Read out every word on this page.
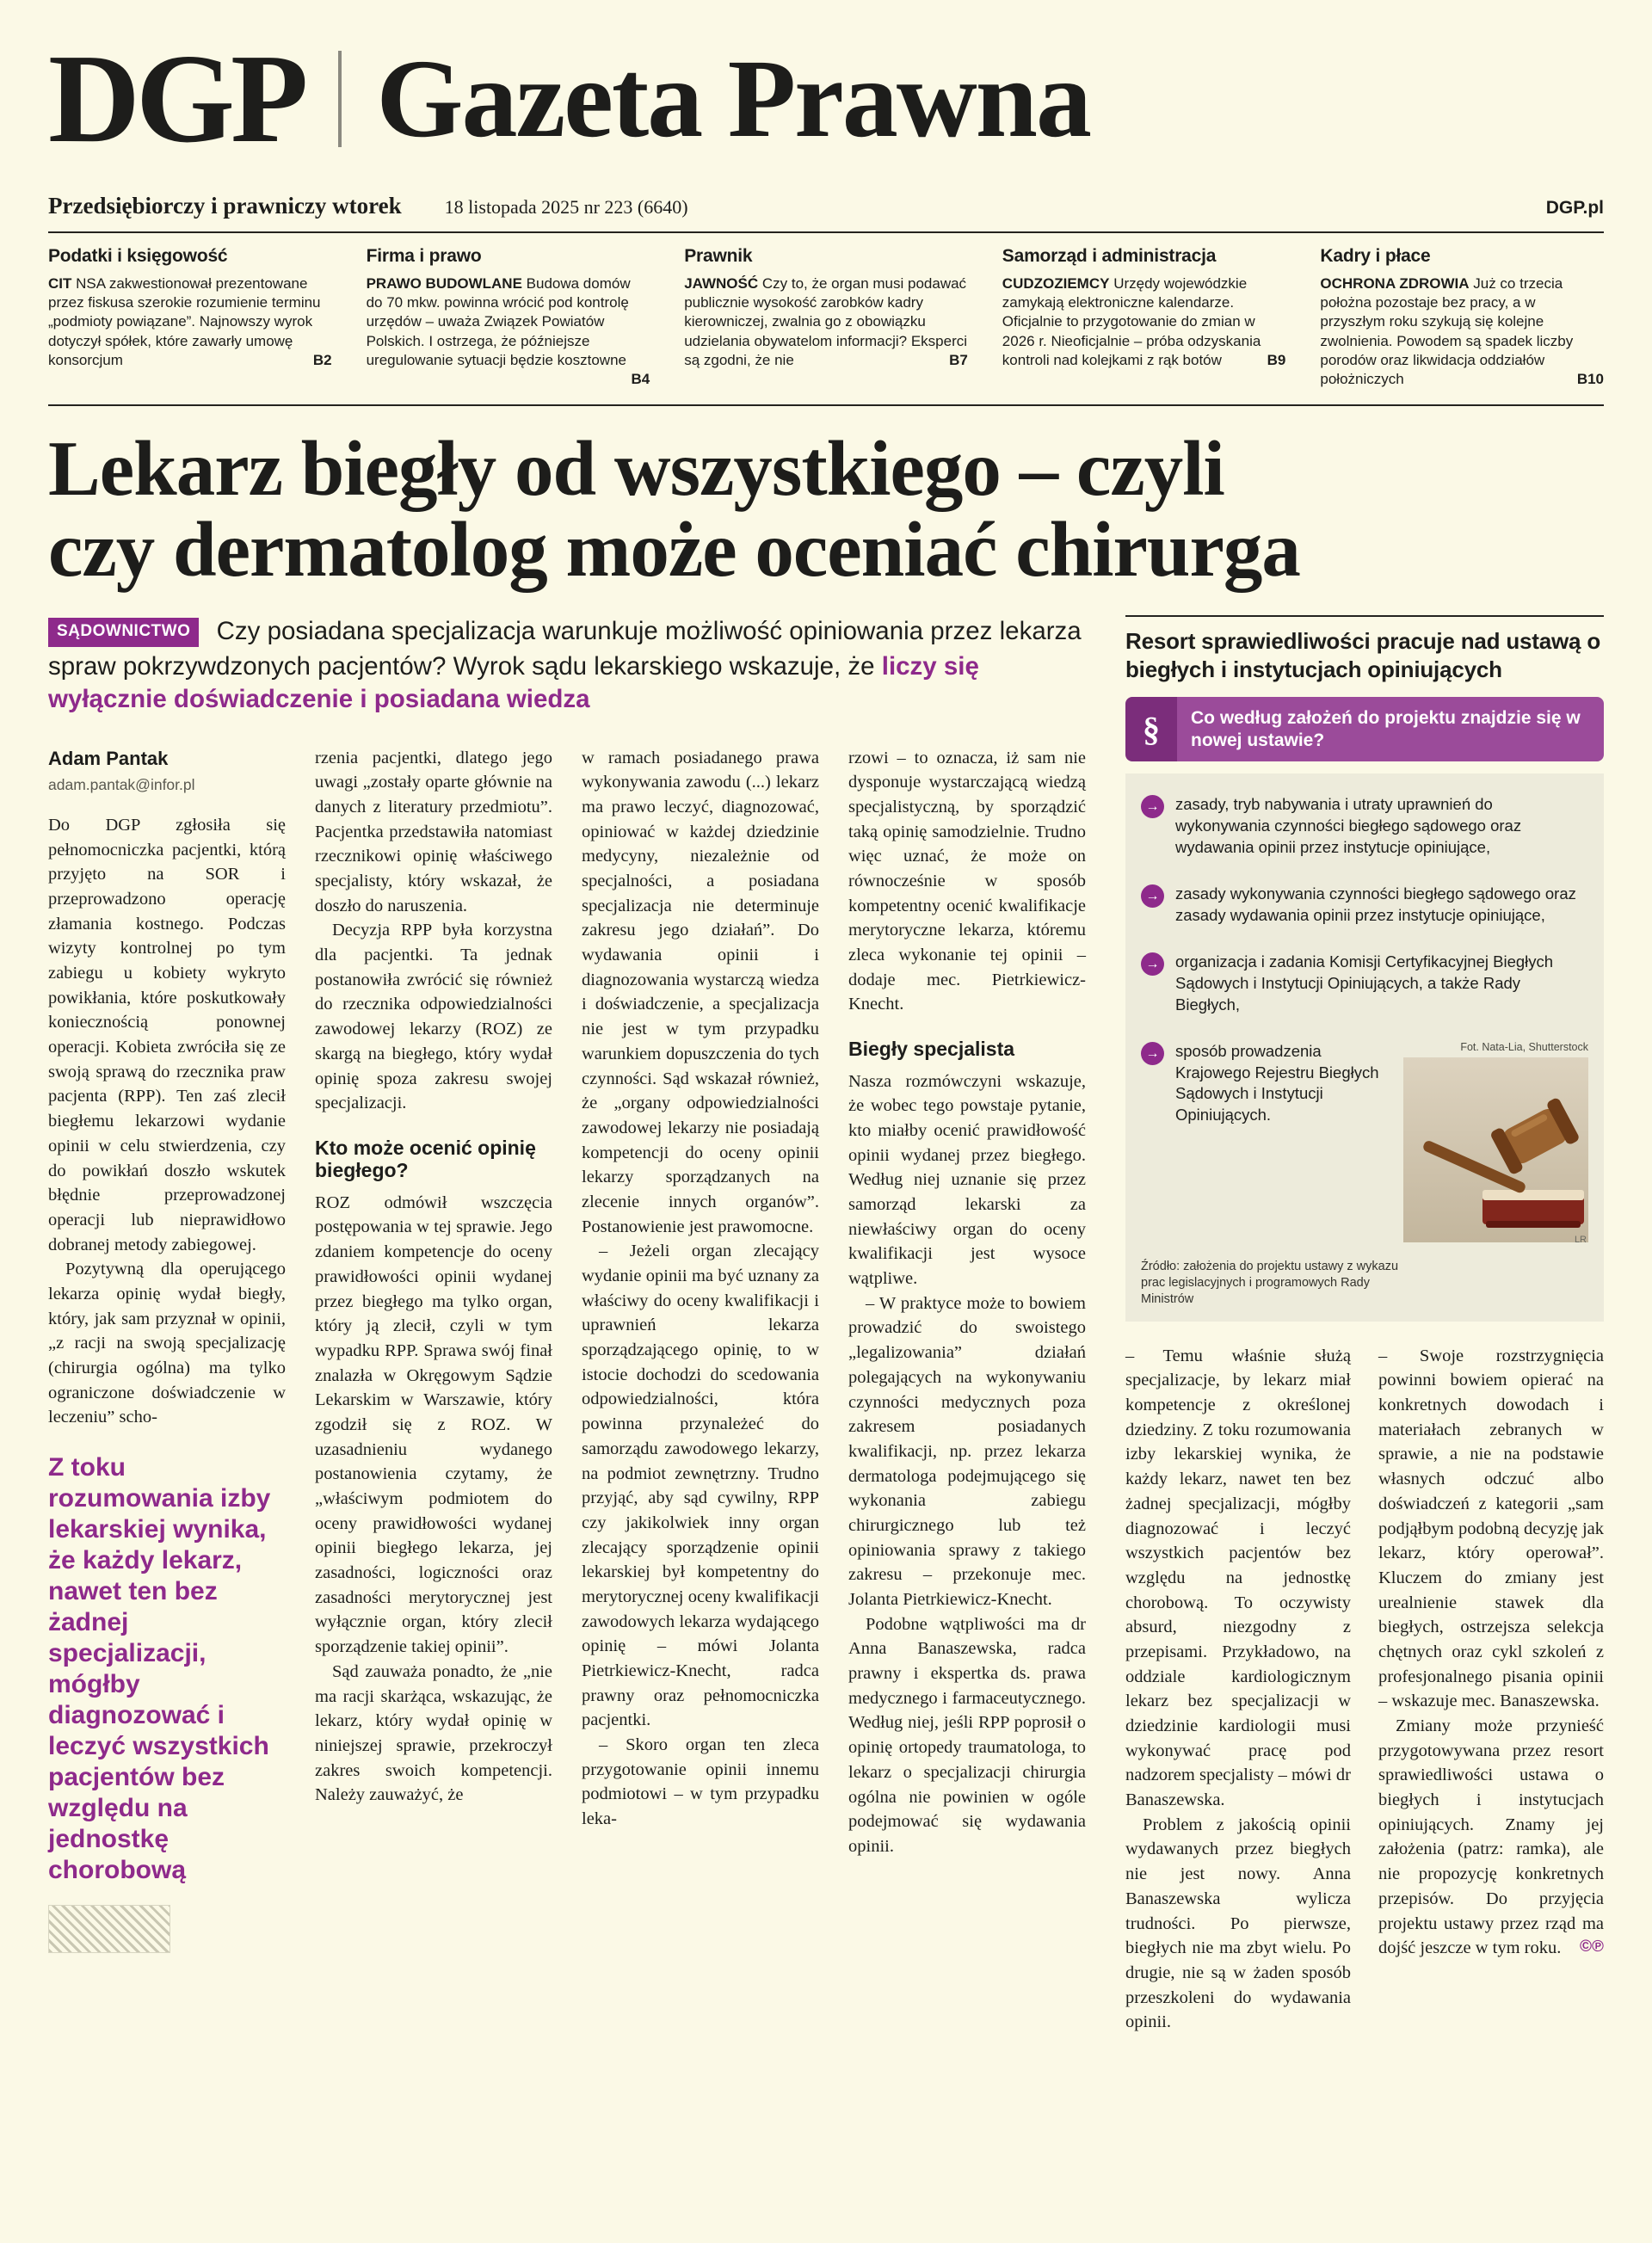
DGP Gazeta Prawna
Przedsiębiorczy i prawniczy wtorek 18 listopada 2025 nr 223 (6640)	DGP.pl
Podatki i księgowość

CIT NSA zakwestionował prezentowane przez fiskusa szerokie rozumienie terminu „podmioty powiązane”. Najnowszy wyrok dotyczył spółek, które zawarły umowę konsorcjum	B2

Firma i prawo

PRAWO BUDOWLANE Budowa domów do 70 mkw. powinna wrócić pod kontrolę urzędów – uważa Związek Powiatów Polskich. I ostrzega, że późniejsze uregulowanie sytuacji będzie kosztowne
B4

Prawnik

JAWNOŚĆ Czy to, że organ musi podawać publicznie wysokość zarobków kadry kierowniczej, zwalnia go z obowiązku udzielania obywatelom informacji? Eksperci są zgodni, że nie	B7

Samorząd i administracja

CUDZOZIEMCY Urzędy wojewódzkie zamykają elektroniczne kalendarze. Oficjalnie to przygotowanie do zmian w 2026 r. Nieoficjalnie – próba odzyskania kontroli nad kolejkami z rąk botów	B9

Kadry i płace

OCHRONA ZDROWIA Już co trzecia położna pozostaje bez pracy, a w przyszłym roku szykują się kolejne zwolnienia. Powodem są spadek liczby porodów oraz likwidacja oddziałów położniczych	B10

Lekarz biegły od wszystkiego – czyli
czy dermatolog może oceniać chirurga

SĄDOWNICTWO Czy posiadana specjalizacja warunkuje możliwość opiniowania przez lekarza spraw pokrzywdzonych pacjentów? Wyrok sądu lekarskiego wskazuje, że liczy się wyłącznie doświadczenie i posiadana wiedza

Adam Pantak
adam.pantak@infor.pl

Do DGP zgłosiła się pełnomocniczka pacjentki, którą przyjęto na SOR i przeprowadzono operację złamania kostnego. Podczas wizyty kontrolnej po tym zabiegu u kobiety wykryto powikłania, które poskutkowały koniecznością ponownej operacji. Kobieta zwróciła się ze swoją sprawą do rzecznika praw pacjenta (RPP). Ten zaś zlecił biegłemu lekarzowi wydanie opinii w celu stwierdzenia, czy do powikłań doszło wskutek błędnie przeprowadzonej operacji lub nieprawidłowo dobranej metody zabiegowej.

Pozytywną dla operującego lekarza opinię wydał biegły, który, jak sam przyznał w opinii, „z racji na swoją specjalizację (chirurgia ogólna) ma tylko ograniczone doświadczenie w leczeniu” scho-

Z toku rozumowania izby lekarskiej wynika, że każdy lekarz, nawet ten bez żadnej specjalizacji, mógłby diagnozować i leczyć wszystkich pacjentów bez względu na jednostkę chorobową

rzenia pacjentki, dlatego jego uwagi „zostały oparte głównie na danych z literatury przedmiotu”. Pacjentka przedstawiła natomiast rzecznikowi opinię właściwego specjalisty, który wskazał, że doszło do naruszenia.

Decyzja RPP była korzystna dla pacjentki. Ta jednak postanowiła zwrócić się również do rzecznika odpowiedzialności zawodowej lekarzy (ROZ) ze skargą na biegłego, który wydał opinię spoza zakresu swojej specjalizacji.

Kto może ocenić opinię biegłego?

ROZ odmówił wszczęcia postępowania w tej sprawie. Jego zdaniem kompetencje do oceny prawidłowości opinii wydanej przez biegłego ma tylko organ, który ją zlecił, czyli w tym wypadku RPP. Sprawa swój finał znalazła w Okręgowym Sądzie Lekarskim w Warszawie, który zgodził się z ROZ. W uzasadnieniu wydanego postanowienia czytamy, że „właściwym podmiotem do oceny prawidłowości wydanej opinii biegłego lekarza, jej zasadności, logiczności oraz zasadności merytorycznej jest wyłącznie organ, który zlecił sporządzenie takiej opinii”.

Sąd zauważa ponadto, że „nie ma racji skarżąca, wskazując, że lekarz, który wydał opinię w niniejszej sprawie, przekroczył zakres swoich kompetencji. Należy zauważyć, że

w ramach posiadanego prawa wykonywania zawodu (...) lekarz ma prawo leczyć, diagnozować, opiniować w każdej dziedzinie medycyny, niezależnie od specjalności, a posiadana specjalizacja nie determinuje zakresu jego działań”. Do wydawania opinii i diagnozowania wystarczą wiedza i doświadczenie, a specjalizacja nie jest w tym przypadku warunkiem dopuszczenia do tych czynności. Sąd wskazał również, że „organy odpowiedzialności zawodowej lekarzy nie posiadają kompetencji do oceny opinii lekarzy sporządzanych na zlecenie innych organów”. Postanowienie jest prawomocne.

– Jeżeli organ zlecający wydanie opinii ma być uznany za właściwy do oceny kwalifikacji i uprawnień lekarza sporządzającego opinię, to w istocie dochodzi do scedowania odpowiedzialności, która powinna przynależeć do samorządu zawodowego lekarzy, na podmiot zewnętrzny. Trudno przyjąć, aby sąd cywilny, RPP czy jakikolwiek inny organ zlecający sporządzenie opinii lekarskiej był kompetentny do merytorycznej oceny kwalifikacji zawodowych lekarza wydającego opinię – mówi Jolanta Pietrkiewicz-Knecht, radca prawny oraz pełnomocniczka pacjentki.

– Skoro organ ten zleca przygotowanie opinii innemu podmiotowi – w tym przypadku leka-

rzowi – to oznacza, iż sam nie dysponuje wystarczającą wiedzą specjalistyczną, by sporządzić taką opinię samodzielnie. Trudno więc uznać, że może on równocześnie w sposób kompetentny ocenić kwalifikacje merytoryczne lekarza, któremu zleca wykonanie tej opinii – dodaje mec. Pietrkiewicz-Knecht.

Biegły specjalista

Nasza rozmówczyni wskazuje, że wobec tego powstaje pytanie, kto miałby ocenić prawidłowość opinii wydanej przez biegłego. Według niej uznanie się przez samorząd lekarski za niewłaściwy organ do oceny kwalifikacji jest wysoce wątpliwe.

– W praktyce może to bowiem prowadzić do swoistego „legalizowania” działań polegających na wykonywaniu czynności medycznych poza zakresem posiadanych kwalifikacji, np. przez lekarza dermatologa podejmującego się wykonania zabiegu chirurgicznego lub też opiniowania sprawy z takiego zakresu – przekonuje mec. Jolanta Pietrkiewicz-Knecht.

Podobne wątpliwości ma dr Anna Banaszewska, radca prawny i ekspertka ds. prawa medycznego i farmaceutycznego. Według niej, jeśli RPP poprosił o opinię ortopedy traumatologa, to lekarz o specjalizacji chirurgia ogólna nie powinien w ogóle podejmować się wydawania opinii.

Resort sprawiedliwości pracuje nad ustawą o biegłych i instytucjach opiniujących
§	Co według założeń do projektu znajdzie się w nowej ustawie?
→ zasady, tryb nabywania i utraty uprawnień do wykonywania czynności biegłego sądowego oraz wydawania opinii przez instytucje opiniujące,
→ zasady wykonywania czynności biegłego sądowego oraz zasady wydawania opinii przez instytucje opiniujące,
→ organizacja i zadania Komisji Certyfikacyjnej Biegłych Sądowych i Instytucji Opiniujących, a także Rady Biegłych,
→ sposób prowadzenia Krajowego Rejestru Biegłych Sądowych i Instytucji Opiniujących.
Fot. Nata-Lia, Shutterstock
LR
Źródło: założenia do projektu ustawy z wykazu prac legislacyjnych i programowych Rady Ministrów

– Temu właśnie służą specjalizacje, by lekarz miał kompetencje z określonej dziedziny. Z toku rozumowania izby lekarskiej wynika, że każdy lekarz, nawet ten bez żadnej specjalizacji, mógłby diagnozować i leczyć wszystkich pacjentów bez względu na jednostkę chorobową. To oczywisty absurd, niezgodny z przepisami. Przykładowo, na oddziale kardiologicznym lekarz bez specjalizacji w dziedzinie kardiologii musi wykonywać pracę pod nadzorem specjalisty – mówi dr Banaszewska.

Problem z jakością opinii wydawanych przez biegłych nie jest nowy. Anna Banaszewska wylicza trudności. Po pierwsze, biegłych nie ma zbyt wielu. Po drugie, nie są w żaden sposób przeszkoleni do wydawania opinii.

– Swoje rozstrzygnięcia powinni bowiem opierać na konkretnych dowodach i materiałach zebranych w sprawie, a nie na podstawie własnych odczuć albo doświadczeń z kategorii „sam podjąłbym podobną decyzję jak lekarz, który operował”. Kluczem do zmiany jest urealnienie stawek dla biegłych, ostrzejsza selekcja chętnych oraz cykl szkoleń z profesjonalnego pisania opinii – wskazuje mec. Banaszewska.

Zmiany może przynieść przygotowywana przez resort sprawiedliwości ustawa o biegłych i instytucjach opiniujących. Znamy jej założenia (patrz: ramka), ale nie propozycję konkretnych przepisów. Do przyjęcia projektu ustawy przez rząd ma dojść jeszcze w tym roku.	©℗
